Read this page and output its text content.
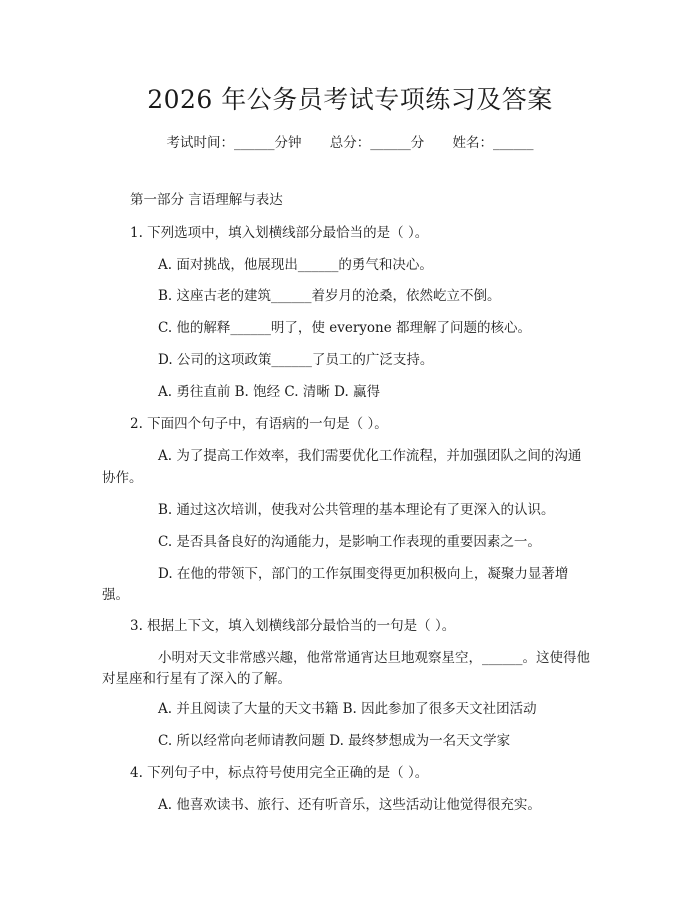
2026 年公务员考试专项练习及答案
考试时间：______分钟 总分：______分 姓名：______
第一部分 言语理解与表达
1. 下列选项中，填入划横线部分最恰当的是（ ）。
A. 面对挑战，他展现出______的勇气和决心。
B. 这座古老的建筑______着岁月的沧桑，依然屹立不倒。
C. 他的解释______明了，使 everyone 都理解了问题的核心。
D. 公司的这项政策______了员工的广泛支持。
A. 勇往直前 B. 饱经 C. 清晰 D. 赢得
2. 下面四个句子中，有语病的一句是（ ）。
A. 为了提高工作效率，我们需要优化工作流程，并加强团队之间的沟通
协作。
B. 通过这次培训，使我对公共管理的基本理论有了更深入的认识。
C. 是否具备良好的沟通能力，是影响工作表现的重要因素之一。
D. 在他的带领下，部门的工作氛围变得更加积极向上，凝聚力显著增
强。
3. 根据上下文，填入划横线部分最恰当的一句是（ ）。
小明对天文非常感兴趣，他常常通宵达旦地观察星空，______。这使得他
对星座和行星有了深入的了解。
A. 并且阅读了大量的天文书籍 B. 因此参加了很多天文社团活动
C. 所以经常向老师请教问题 D. 最终梦想成为一名天文学家
4. 下列句子中，标点符号使用完全正确的是（ ）。
A. 他喜欢读书、旅行、还有听音乐，这些活动让他觉得很充实。
